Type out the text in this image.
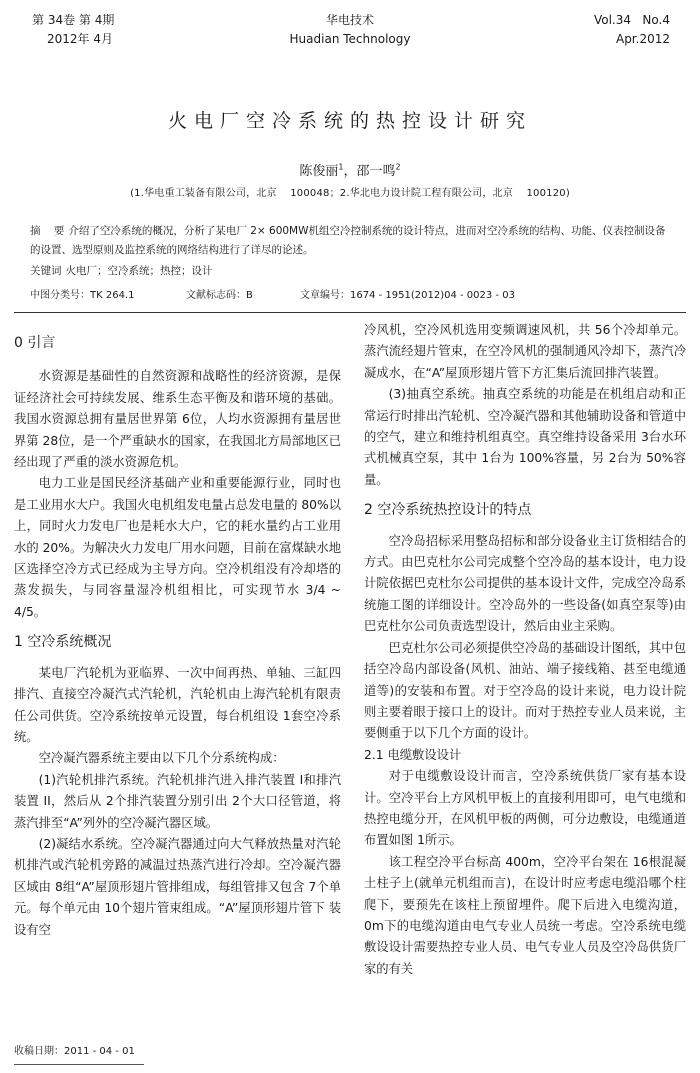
第 34卷 第 4期
2012年 4月
华电技术
Huadian Technology
Vol.34   No.4
Apr.2012
火电厂空冷系统的热控设计研究
陈俊丽$^1$，邵一鸣$^2$
(1.华电重工装备有限公司，北京    100048；2.华北电力设计院工程有限公司，北京    100120)
摘    要 介绍了空冷系统的概况，分析了某电厂 2× 600MW机组空冷控制系统的设计特点，进而对空冷系统的结构、功能、仪表控制设备的设置、选型原则及监控系统的网络结构进行了详尽的论述。
关键词 火电厂；空冷系统；热控；设计
中图分类号：TK 264.1	文献标志码：B	文章编号：1674 - 1951(2012)04 - 0023 - 03
0 引言

水资源是基础性的自然资源和战略性的经济资源，是保证经济社会可持续发展、维系生态平衡及和谐环境的基础。我国水资源总拥有量居世界第 6位，人均水资源拥有量居世界第 28位，是一个严重缺水的国家，在我国北方局部地区已经出现了严重的淡水资源危机。

电力工业是国民经济基础产业和重要能源行业，同时也是工业用水大户。我国火电机组发电量占总发电量的 80%以上，同时火力发电厂也是耗水大户，它的耗水量约占工业用水的 20%。为解决火力发电厂用水问题，目前在富煤缺水地区选择空冷方式已经成为主导方向。空冷机组没有冷却塔的蒸发损失，与同容量湿冷机组相比，可实现节水 3/4 ~ 4/5。

1 空冷系统概况

某电厂汽轮机为亚临界、一次中间再热、单轴、三缸四排汽、直接空冷凝汽式汽轮机，汽轮机由上海汽轮机有限责任公司供货。空冷系统按单元设置，每台机组设 1套空冷系统。

空冷凝汽器系统主要由以下几个分系统构成：

(1)汽轮机排汽系统。汽轮机排汽进入排汽装置 I和排汽装置 II，然后从 2个排汽装置分别引出 2个大口径管道，将蒸汽排至“A”列外的空冷凝汽器区域。

(2)凝结水系统。空冷凝汽器通过向大气释放热量对汽轮机排汽或汽轮机旁路的减温过热蒸汽进行冷却。空冷凝汽器区域由 8组“A”屋顶形翅片管排组成，每组管排又包含 7个单元。每个单元由 10个翅片管束组成。“A”屋顶形翅片管下 装设有空

收稿日期：2011 - 04 - 01

冷风机，空冷风机选用变频调速风机，共 56个冷却单元。蒸汽流经翅片管束，在空冷风机的强制通风冷却下，蒸汽冷凝成水，在“A”屋顶形翅片管下方汇集后流回排汽装置。

(3)抽真空系统。抽真空系统的功能是在机组启动和正常运行时排出汽轮机、空冷凝汽器和其他辅助设备和管道中的空气，建立和维持机组真空。真空维持设备采用 3台水环式机械真空泵，其中 1台为 100%容量，另 2台为 50%容量。

2 空冷系统热控设计的特点

空冷岛招标采用整岛招标和部分设备业主订货相结合的方式。由巴克杜尔公司完成整个空冷岛的基本设计，电力设计院依据巴克杜尔公司提供的基本设计文件，完成空冷岛系统施工图的详细设计。空冷岛外的一些设备(如真空泵等)由巴克杜尔公司负责选型设计，然后由业主采购。

巴克杜尔公司必须提供空冷岛的基础设计图纸，其中包括空冷岛内部设备(风机、油站、端子接线箱、甚至电缆通道等)的安装和布置。对于空冷岛的设计来说，电力设计院则主要着眼于接口上的设计。而对于热控专业人员来说，主要侧重于以下几个方面的设计。

2.1 电缆敷设设计

对于电缆敷设设计而言，空冷系统供货厂家有基本设计。空冷平台上方风机甲板上的直接利用即可，电气电缆和热控电缆分开，在风机甲板的两侧，可分边敷设，电缆通道布置如图 1所示。

该工程空冷平台标高 400m，空冷平台架在 16根混凝土柱子上(就单元机组而言)，在设计时应考虑电缆沿哪个柱爬下，要预先在该柱上预留埋件。爬下后进入电缆沟道，0m下的电缆沟道由电气专业人员统一考虑。空冷系统电缆敷设设计需要热控专业人员、电气专业人员及空冷岛供货厂家的有关
